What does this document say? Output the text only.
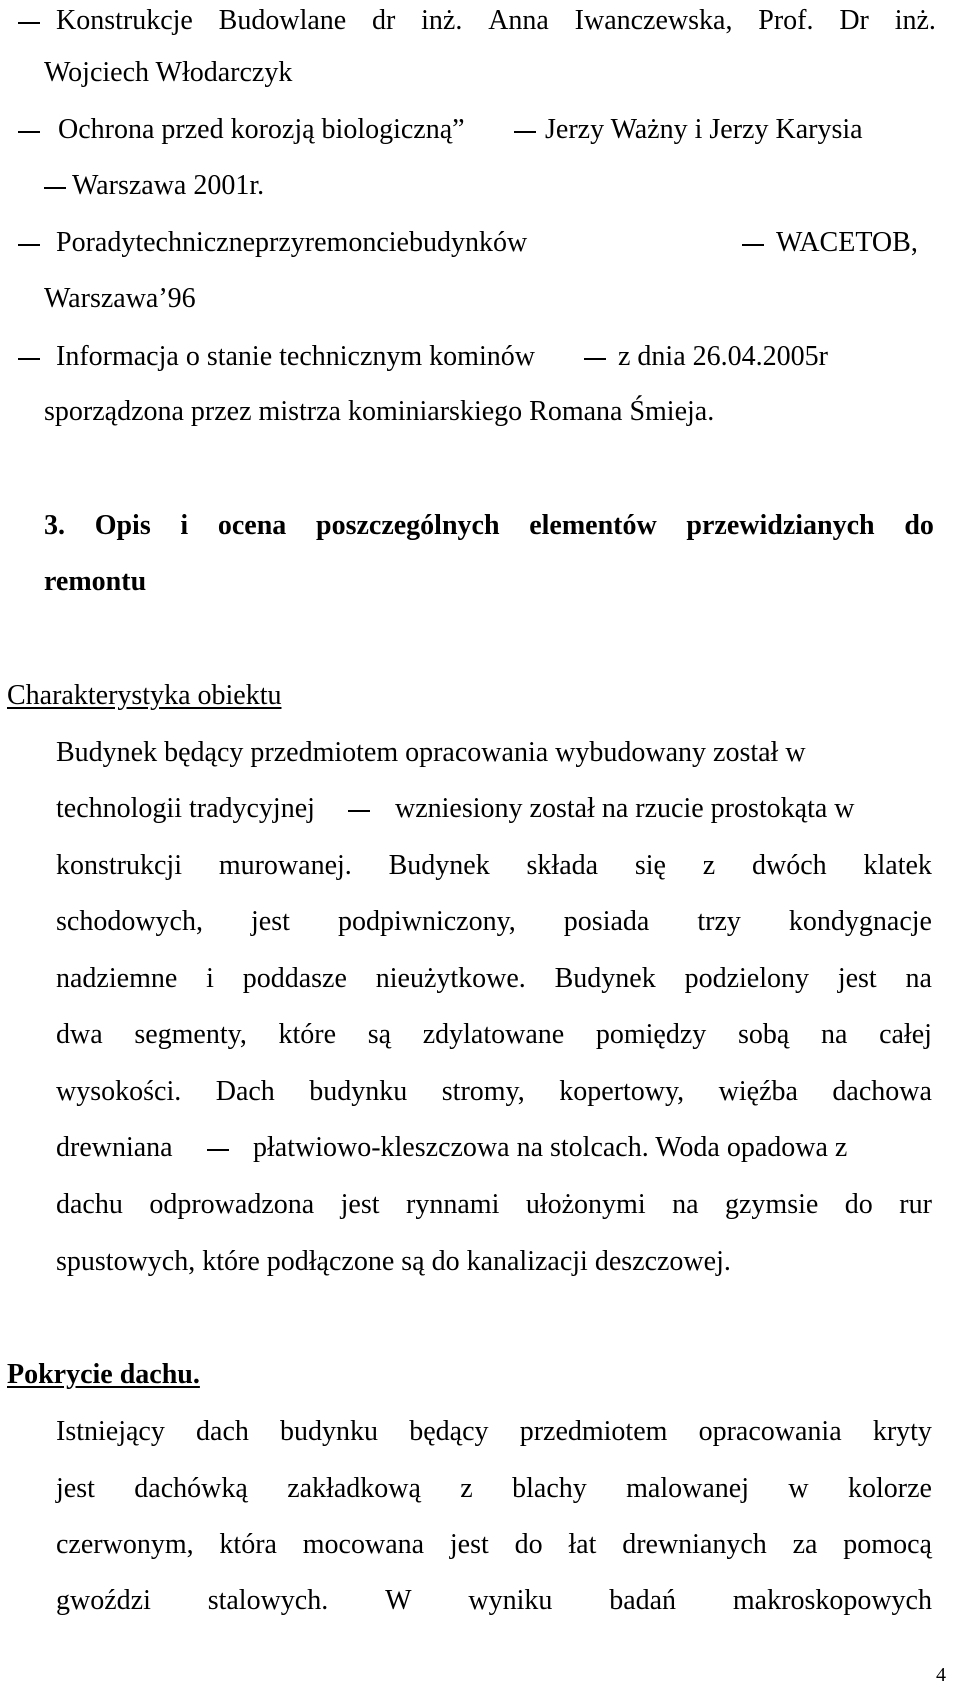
Konstrukcje Budowlane dr inż. Anna Iwanczewska, Prof. Dr inż.
Wojciech Włodarczyk
Ochrona przed korozją biologiczną”	Jerzy Ważny i Jerzy Karysia
Warszawa 2001r.
Porady techniczne przy remoncie budynków	WACETOB,
Warszawa’96
Informacja o stanie technicznym kominów	z dnia 26.04.2005r
sporządzona przez mistrza kominiarskiego Romana Śmieja.
3. Opis i ocena poszczególnych elementów przewidzianych do
remontu
Charakterystyka obiektu
Budynek będący przedmiotem opracowania wybudowany został w
technologii tradycyjnej	wzniesiony został na rzucie prostokąta w
konstrukcji murowanej. Budynek składa się z dwóch klatek
schodowych, jest podpiwniczony, posiada trzy kondygnacje
nadziemne i poddasze nieużytkowe. Budynek podzielony jest na
dwa segmenty, które są zdylatowane pomiędzy sobą na całej
wysokości. Dach budynku stromy, kopertowy, więźba dachowa
drewniana	płatwiowo-kleszczowa na stolcach. Woda opadowa z
dachu odprowadzona jest rynnami ułożonymi na gzymsie do rur
spustowych, które podłączone są do kanalizacji deszczowej.
Pokrycie dachu.
Istniejący dach budynku będący przedmiotem opracowania kryty
jest dachówką zakładkową z blachy malowanej w kolorze
czerwonym, która mocowana jest do łat drewnianych za pomocą
gwoździ stalowych. W wyniku badań makroskopowych
4
